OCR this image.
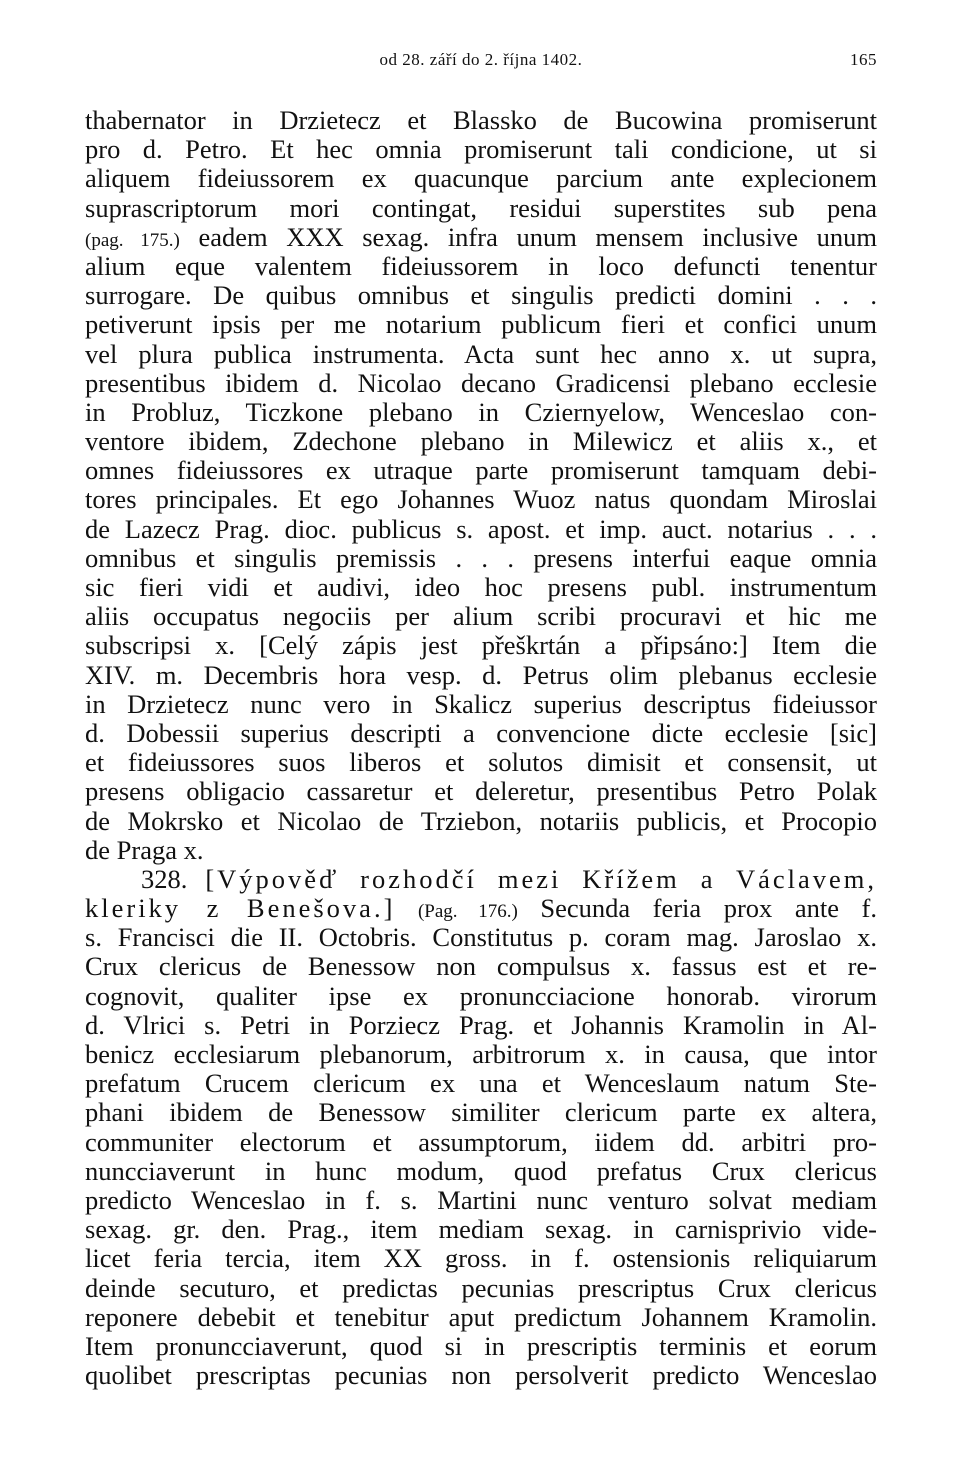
od 28. září do 2. října 1402.	165
thabernator in Drzietecz et Blassko de Bucowina promiserunt
pro d. Petro. Et hec omnia promiserunt tali condicione, ut si
aliquem fideiussorem ex quacunque parcium ante explecionem
suprascriptorum mori contingat, residui superstites sub pena
(pag. 175.) eadem XXX sexag. infra unum mensem inclusive unum
alium eque valentem fideiussorem in loco defuncti tenentur
surrogare. De quibus omnibus et singulis predicti domini . . .
petiverunt ipsis per me notarium publicum fieri et confici unum
vel plura publica instrumenta. Acta sunt hec anno x. ut supra,
presentibus ibidem d. Nicolao decano Gradicensi plebano ecclesie
in Probluz, Ticzkone plebano in Cziernyelow, Wenceslao con-
ventore ibidem, Zdechone plebano in Milewicz et aliis x., et
omnes fideiussores ex utraque parte promiserunt tamquam debi-
tores principales. Et ego Johannes Wuoz natus quondam Miroslai
de Lazecz Prag. dioc. publicus s. apost. et imp. auct. notarius . . .
omnibus et singulis premissis . . . presens interfui eaque omnia
sic fieri vidi et audivi, ideo hoc presens publ. instrumentum
aliis occupatus negociis per alium scribi procuravi et hic me
subscripsi x. [Celý zápis jest přeškrtán a připsáno:] Item die
XIV. m. Decembris hora vesp. d. Petrus olim plebanus ecclesie
in Drzietecz nunc vero in Skalicz superius descriptus fideiussor
d. Dobessii superius descripti a convencione dicte ecclesie [sic]
et fideiussores suos liberos et solutos dimisit et consensit, ut
presens obligacio cassaretur et deleretur, presentibus Petro Polak
de Mokrsko et Nicolao de Trziebon, notariis publicis, et Procopio
de Praga x.
328. [Výpověď rozhodčí mezi Křížem a Václavem,
kleriky z Benešova.] (Pag. 176.) Secunda feria prox ante f.
s. Francisci die II. Octobris. Constitutus p. coram mag. Jaroslao x.
Crux clericus de Benessow non compulsus x. fassus est et re-
cognovit, qualiter ipse ex pronuncciacione honorab. virorum
d. Vlrici s. Petri in Porziecz Prag. et Johannis Kramolin in Al-
benicz ecclesiarum plebanorum, arbitrorum x. in causa, que intor
prefatum Crucem clericum ex una et Wenceslaum natum Ste-
phani ibidem de Benessow similiter clericum parte ex altera,
communiter electorum et assumptorum, iidem dd. arbitri pro-
nuncciaverunt in hunc modum, quod prefatus Crux clericus
predicto Wenceslao in f. s. Martini nunc venturo solvat mediam
sexag. gr. den. Prag., item mediam sexag. in carnisprivio vide-
licet feria tercia, item XX gross. in f. ostensionis reliquiarum
deinde secuturo, et predictas pecunias prescriptus Crux clericus
reponere debebit et tenebitur aput predictum Johannem Kramolin.
Item pronuncciaverunt, quod si in prescriptis terminis et eorum
quolibet prescriptas pecunias non persolverit predicto Wenceslao
